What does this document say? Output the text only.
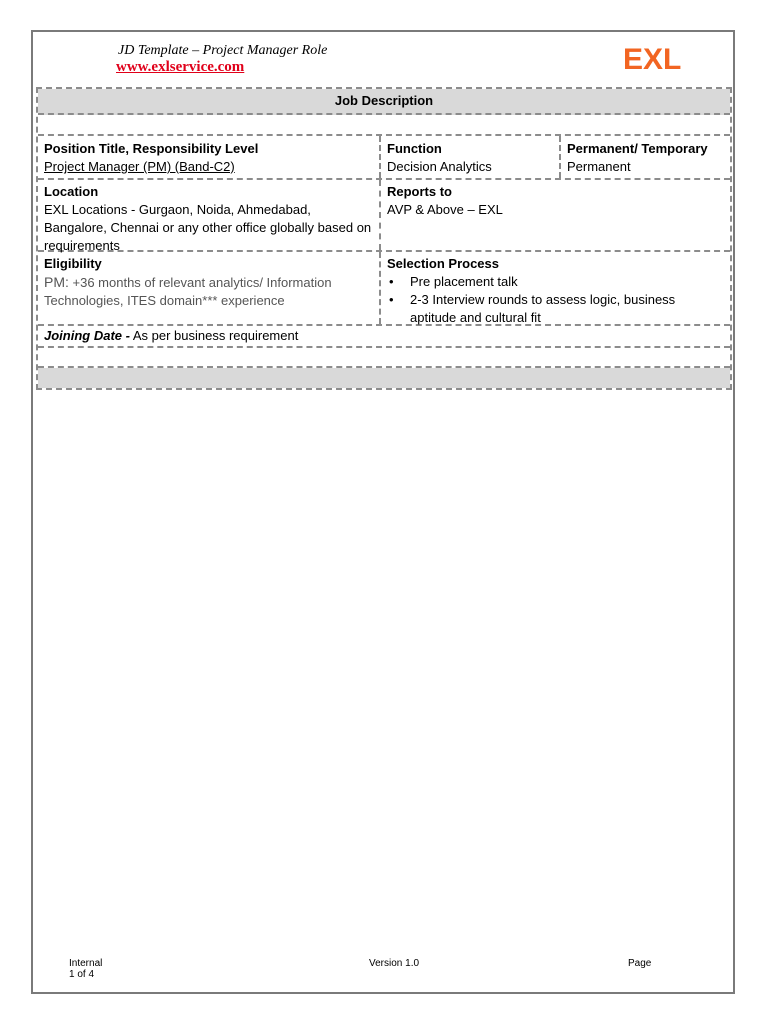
JD Template – Project Manager Role
www.exlservice.com	EXL
Job Description
Position Title, Responsibility Level
Project Manager (PM) (Band-C2)
Function
Decision Analytics
Permanent/ Temporary
Permanent
Location
EXL Locations - Gurgaon, Noida, Ahmedabad, Bangalore, Chennai or any other office globally based on requirements
Reports to
AVP & Above – EXL
Eligibility
PM: +36 months of relevant analytics/ Information Technologies, ITES domain*** experience
Selection Process
• Pre placement talk
• 2-3 Interview rounds to assess logic, business aptitude and cultural fit
Joining Date - As per business requirement
Internal
1 of 4
Version 1.0	Page
